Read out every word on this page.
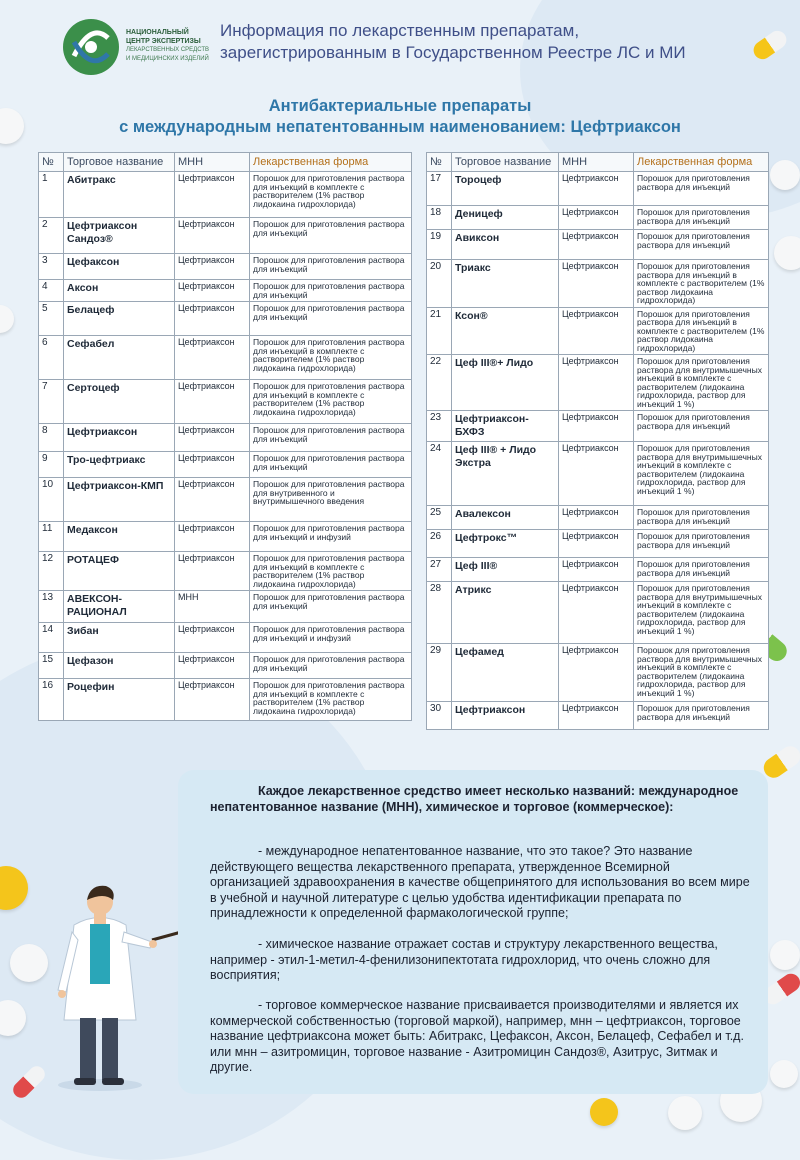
НАЦИОНАЛЬНЫЙ
ЦЕНТР ЭКСПЕРТИЗЫ
ЛЕКАРСТВЕННЫХ СРЕДСТВ
И МЕДИЦИНСКИХ ИЗДЕЛИЙ
Информация по лекарственным препаратам,
зарегистрированным в Государственном Реестре ЛС и МИ
Антибактериальные препараты
с международным непатентованным наименованием: Цефтриаксон
№	Торговое название	МНН	Лекарственная форма
1	Абитракс	Цефтриаксон	Порошок для приготовления раствора для инъекций в комплекте с растворителем (1% раствор лидокаина гидрохлорида)
2	Цефтриаксон Сандоз®	Цефтриаксон	Порошок для приготовления раствора для инъекций
3	Цефаксон	Цефтриаксон	Порошок для приготовления раствора для инъекций
4	Аксон	Цефтриаксон	Порошок для приготовления раствора для инъекций
5	Белацеф	Цефтриаксон	Порошок для приготовления раствора для инъекций
6	Сефабел	Цефтриаксон	Порошок для приготовления раствора для инъекций в комплекте с растворителем (1% раствор лидокаина гидрохлорида)
7	Сертоцеф	Цефтриаксон	Порошок для приготовления раствора для инъекций в комплекте с растворителем (1% раствор лидокаина гидрохлорида)
8	Цефтриаксон	Цефтриаксон	Порошок для приготовления раствора для инъекций
9	Тро-цефтриакс	Цефтриаксон	Порошок для приготовления раствора для инъекций
10	Цефтриаксон-КМП	Цефтриаксон	Порошок для приготовления раствора для внутривенного и внутримышечного введения
11	Медаксон	Цефтриаксон	Порошок для приготовления раствора для инъекций и инфузий
12	РОТАЦЕФ	Цефтриаксон	Порошок для приготовления раствора для инъекций в комплекте с растворителем (1% раствор лидокаина гидрохлорида)
13	АВЕКСОН-РАЦИОНАЛ	МНН	Порошок для приготовления раствора для инъекций
14	Зибан	Цефтриаксон	Порошок для приготовления раствора для инъекций и инфузий
15	Цефазон	Цефтриаксон	Порошок для приготовления раствора для инъекций
16	Роцефин	Цефтриаксон	Порошок для приготовления раствора для инъекций в комплекте с растворителем (1% раствор лидокаина гидрохлорида)
№	Торговое название	МНН	Лекарственная форма
17	Тороцеф	Цефтриаксон	Порошок для приготовления раствора для инъекций
18	Деницеф	Цефтриаксон	Порошок для приготовления раствора для инъекций
19	Авиксон	Цефтриаксон	Порошок для приготовления раствора для инъекций
20	Триакс	Цефтриаксон	Порошок для приготовления раствора для инъекций в комплекте с растворителем (1% раствор лидокаина гидрохлорида)
21	Ксон®	Цефтриаксон	Порошок для приготовления раствора для инъекций в комплекте с растворителем (1% раствор лидокаина гидрохлорида)
22	Цеф III®+ Лидо	Цефтриаксон	Порошок для приготовления раствора для внутримышечных инъекций в комплекте с растворителем (лидокаина гидрохлорида, раствор для инъекций 1 %)
23	Цефтриаксон-БХФЗ	Цефтриаксон	Порошок для приготовления раствора для инъекций
24	Цеф III® + Лидо Экстра	Цефтриаксон	Порошок для приготовления раствора для внутримышечных инъекций в комплекте с растворителем (лидокаина гидрохлорида, раствор для инъекций 1 %)
25	Авалексон	Цефтриаксон	Порошок для приготовления раствора для инъекций
26	Цефтрокс™	Цефтриаксон	Порошок для приготовления раствора для инъекций
27	Цеф III®	Цефтриаксон	Порошок для приготовления раствора для инъекций
28	Атрикс	Цефтриаксон	Порошок для приготовления раствора для внутримышечных инъекций в комплекте с растворителем (лидокаина гидрохлорида, раствор для инъекций 1 %)
29	Цефамед	Цефтриаксон	Порошок для приготовления раствора для внутримышечных инъекций в комплекте с растворителем (лидокаина гидрохлорида, раствор для инъекций 1 %)
30	Цефтриаксон	Цефтриаксон	Порошок для приготовления раствора для инъекций
Каждое лекарственное средство имеет несколько названий: международное непатентованное название (МНН), химическое и торговое (коммерческое):
- международное непатентованное название, что это такое? Это название действующего вещества лекарственного препарата, утвержденное Всемирной организацией здравоохранения в качестве общепринятого для использования во всем мире в учебной и научной литературе с целью удобства идентификации препарата по принадлежности к определенной фармакологической группе;
- химическое название отражает состав и структуру лекарственного вещества, например - этил-1-метил-4-фенилизонипектотата гидрохлорид, что очень сложно для восприятия;
- торговое коммерческое название присваивается производителями и является их коммерческой собственностью (торговой маркой), например, мнн – цефтриаксон, торговое название цефтриаксона может быть: Абитракс, Цефаксон, Аксон, Белацеф, Сефабел и т.д. или мнн – азитромицин, торговое название - Азитромицин Сандоз®, Азитрус, Зитмак и другие.
